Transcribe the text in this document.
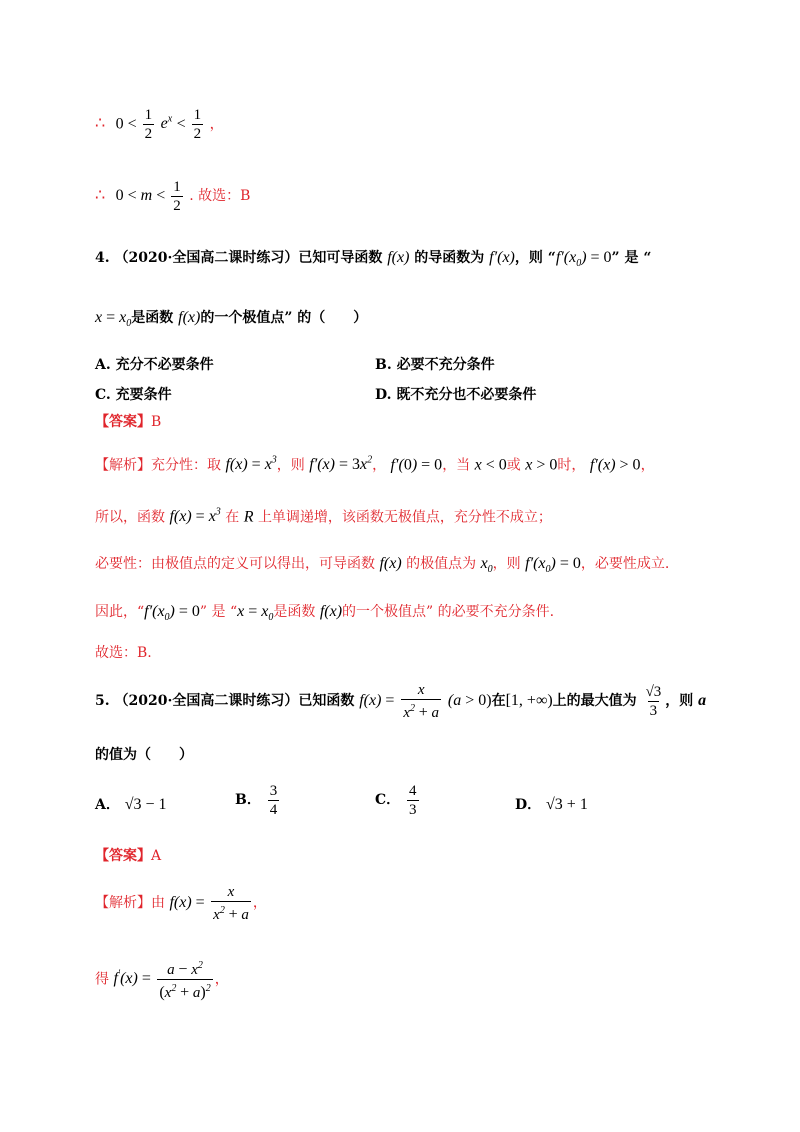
∴ $0 < \frac{1}{2} e^x < \frac{1}{2}$ ，
∴ $0 < m < \frac{1}{2}$ . 故选：B
4. （2020·全国高二课时练习）已知可导函数 f(x) 的导函数为 f′(x)，则 “$f'(x_0) = 0$” 是 “
$x = x_0$是函数 f(x)的一个极值点” 的（　　）
A. 充分不必要条件	B. 必要不充分条件
C. 充要条件	D. 既不充分也不必要条件
【答案】B
【解析】充分性：取 $f(x) = x^3$，则 $f'(x) = 3x^2$， f′(0) = 0，当 x < 0或 x > 0时， f′(x) > 0，
所以，函数 $f(x) = x^3$ 在 R 上单调递增，该函数无极值点，充分性不成立；
必要性：由极值点的定义可以得出，可导函数 f(x) 的极值点为 $x_0$，则 $f'(x_0) = 0$，必要性成立.
因此，“$f'(x_0) = 0$” 是 “$x = x_0$是函数 f(x)的一个极值点” 的必要不充分条件.
故选：B.
5. （2020·全国高二课时练习）已知函数 $f(x) = \frac{x}{x^2 + a} (a > 0)$在[1, +∞)上的最大值为 $\frac{√3}{3}$ ，则 a
的值为（　　）
A． √3 − 1	B． $\frac{3}{4}$	C． $\frac{4}{3}$	D． √3 + 1
【答案】A
【解析】由 $f(x) = \frac{x}{x^2 + a}$ ，
得 $f'(x) = \frac{a - x^2}{(x^2 + a)^2}$ ，
